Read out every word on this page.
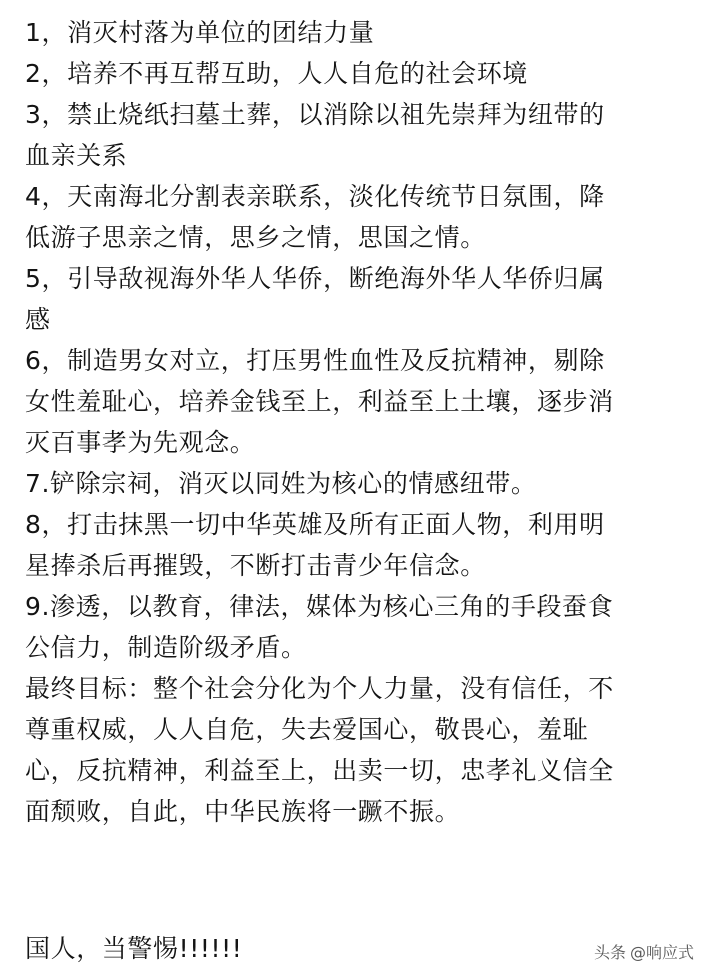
1，消灭村落为单位的团结力量
2，培养不再互帮互助，人人自危的社会环境
3，禁止烧纸扫墓土葬，以消除以祖先崇拜为纽带的
血亲关系
4，天南海北分割表亲联系，淡化传统节日氛围，降
低游子思亲之情，思乡之情，思国之情。
5，引导敌视海外华人华侨，断绝海外华人华侨归属
感
6，制造男女对立，打压男性血性及反抗精神，剔除
女性羞耻心，培养金钱至上，利益至上土壤，逐步消
灭百事孝为先观念。
7.铲除宗祠，消灭以同姓为核心的情感纽带。
8，打击抹黑一切中华英雄及所有正面人物，利用明
星捧杀后再摧毁，不断打击青少年信念。
9.渗透，以教育，律法，媒体为核心三角的手段蚕食
公信力，制造阶级矛盾。
最终目标：整个社会分化为个人力量，没有信任，不
尊重权威，人人自危，失去爱国心，敬畏心，羞耻
心，反抗精神，利益至上，出卖一切，忠孝礼义信全
面颓败，自此，中华民族将一蹶不振。
国人，当警惕!!!!!!	头条 @响应式
